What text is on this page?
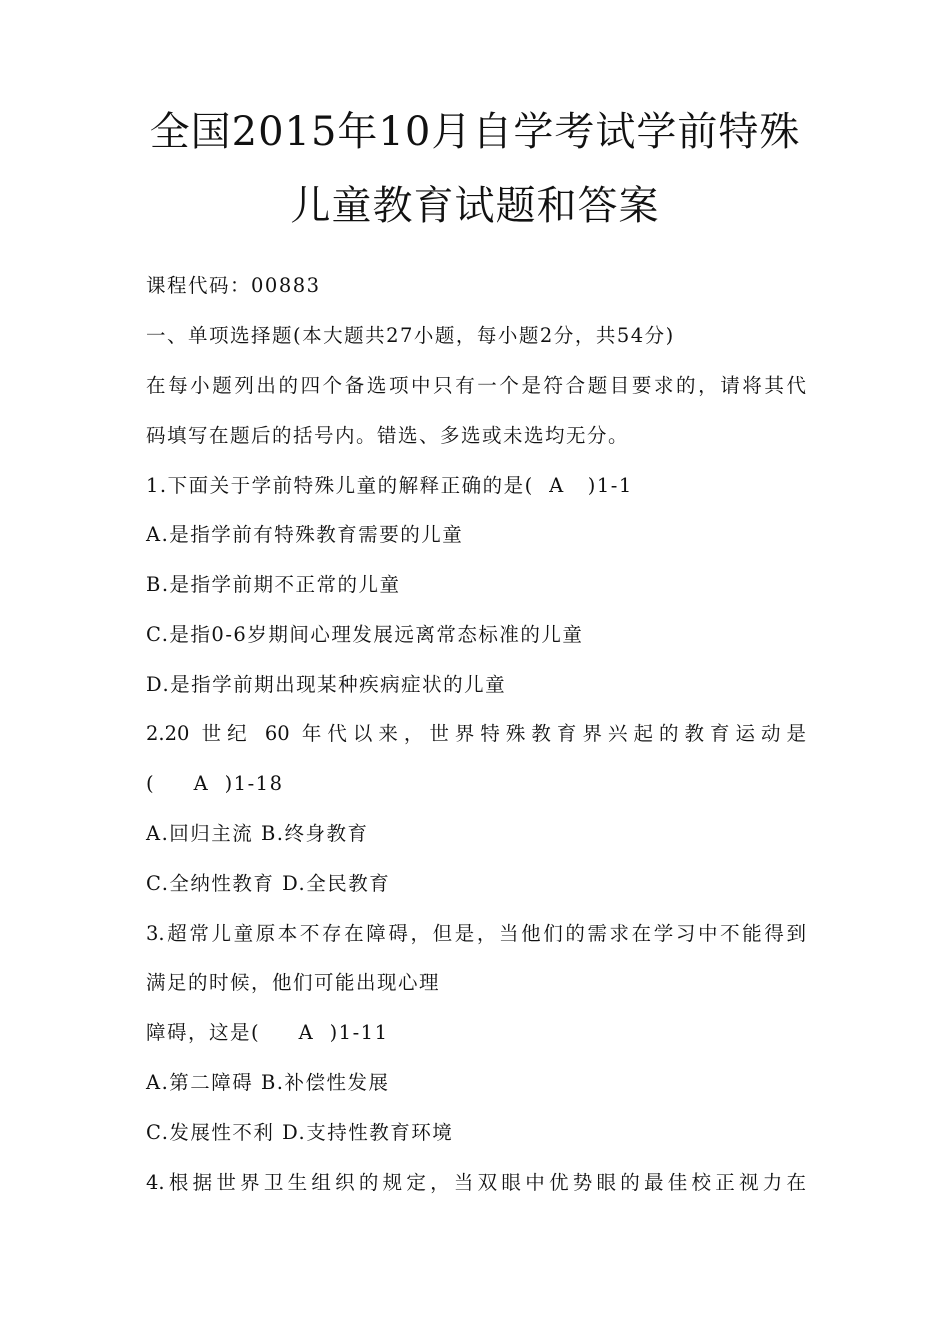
全国2015年10月自学考试学前特殊
儿童教育试题和答案
课程代码：00883
一、单项选择题(本大题共27小题，每小题2分，共54分)
在每小题列出的四个备选项中只有一个是符合题目要求的，请将其代
码填写在题后的括号内。错选、多选或未选均无分。
1.下面关于学前特殊儿童的解释正确的是(  A   )1-1
A.是指学前有特殊教育需要的儿童
B.是指学前期不正常的儿童
C.是指0-6岁期间心理发展远离常态标准的儿童
D.是指学前期出现某种疾病症状的儿童
2.20 世纪 60 年代以来，世界特殊教育界兴起的教育运动是
(     A  )1-18
A.回归主流 B.终身教育
C.全纳性教育 D.全民教育
3.超常儿童原本不存在障碍，但是，当他们的需求在学习中不能得到
满足的时候，他们可能出现心理
障碍，这是(     A  )1-11
A.第二障碍 B.补偿性发展
C.发展性不利 D.支持性教育环境
4.根据世界卫生组织的规定，当双眼中优势眼的最佳校正视力在
